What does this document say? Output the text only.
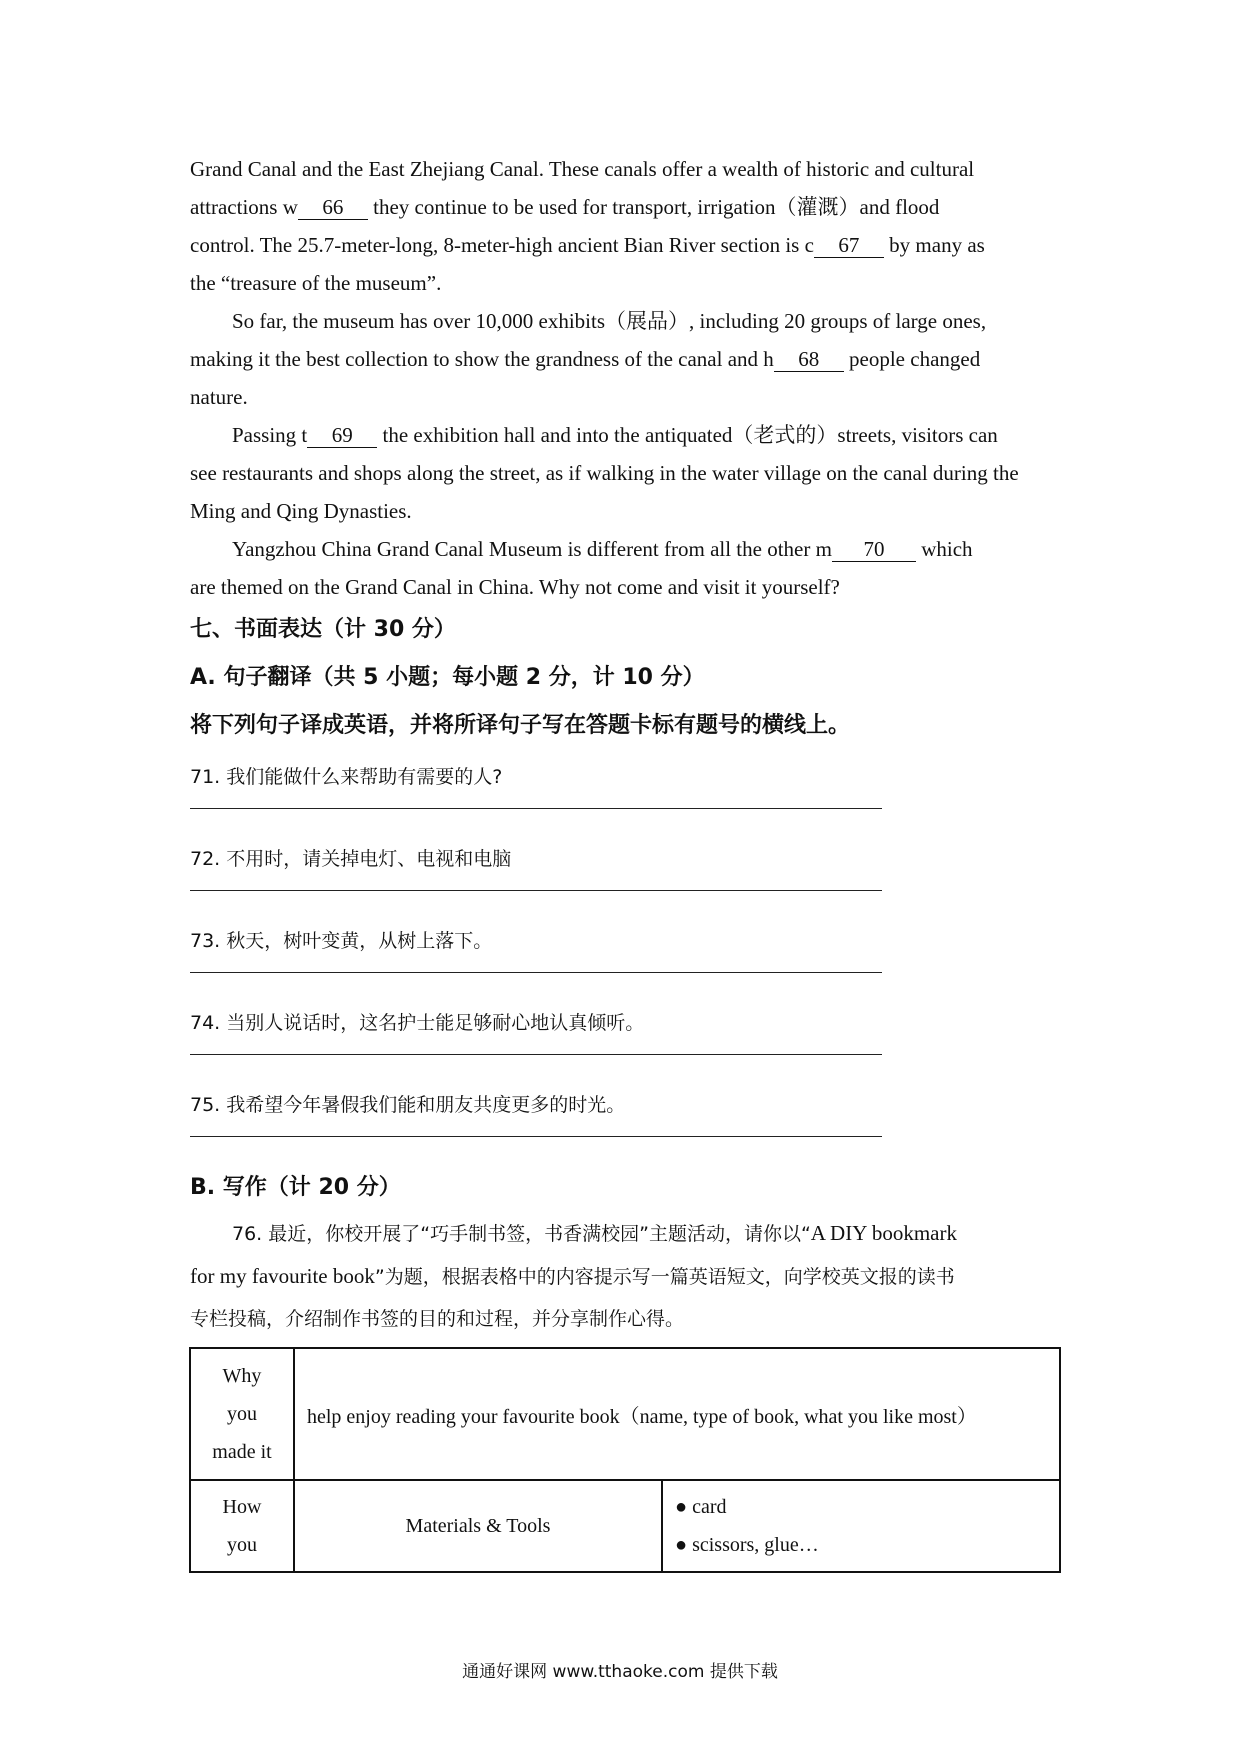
Grand Canal and the East Zhejiang Canal. These canals offer a wealth of historic and cultural
attractions w 66 they continue to be used for transport, irrigation（灌溉）and flood
control. The 25.7-meter-long, 8-meter-high ancient Bian River section is c 67 by many as
the “treasure of the museum”.

So far, the museum has over 10,000 exhibits（展品）, including 20 groups of large ones,
making it the best collection to show the grandness of the canal and h 68 people changed
nature.

Passing t 69 the exhibition hall and into the antiquated（老式的）streets, visitors can
see restaurants and shops along the street, as if walking in the water village on the canal during the
Ming and Qing Dynasties.

Yangzhou China Grand Canal Museum is different from all the other m 70 which
are themed on the Grand Canal in China. Why not come and visit it yourself?

七、书面表达（计 30 分）

A. 句子翻译（共 5 小题；每小题 2 分，计 10 分）

将下列句子译成英语，并将所译句子写在答题卡标有题号的横线上。

71. 我们能做什么来帮助有需要的人?

72. 不用时，请关掉电灯、电视和电脑

73. 秋天，树叶变黄，从树上落下。

74. 当别人说话时，这名护士能足够耐心地认真倾听。

75. 我希望今年暑假我们能和朋友共度更多的时光。

B. 写作（计 20 分）

76. 最近，你校开展了“巧手制书签，书香满校园”主题活动，请你以“A DIY bookmark
for my favourite book”为题，根据表格中的内容提示写一篇英语短文，向学校英文报的读书
专栏投稿，介绍制作书签的目的和过程，并分享制作心得。

Why
you
made it	help enjoy reading your favourite book（name, type of book, what you like most）	
How
you	Materials & Tools	● card
● scissors, glue…
通通好课网 www.tthaoke.com 提供下载
